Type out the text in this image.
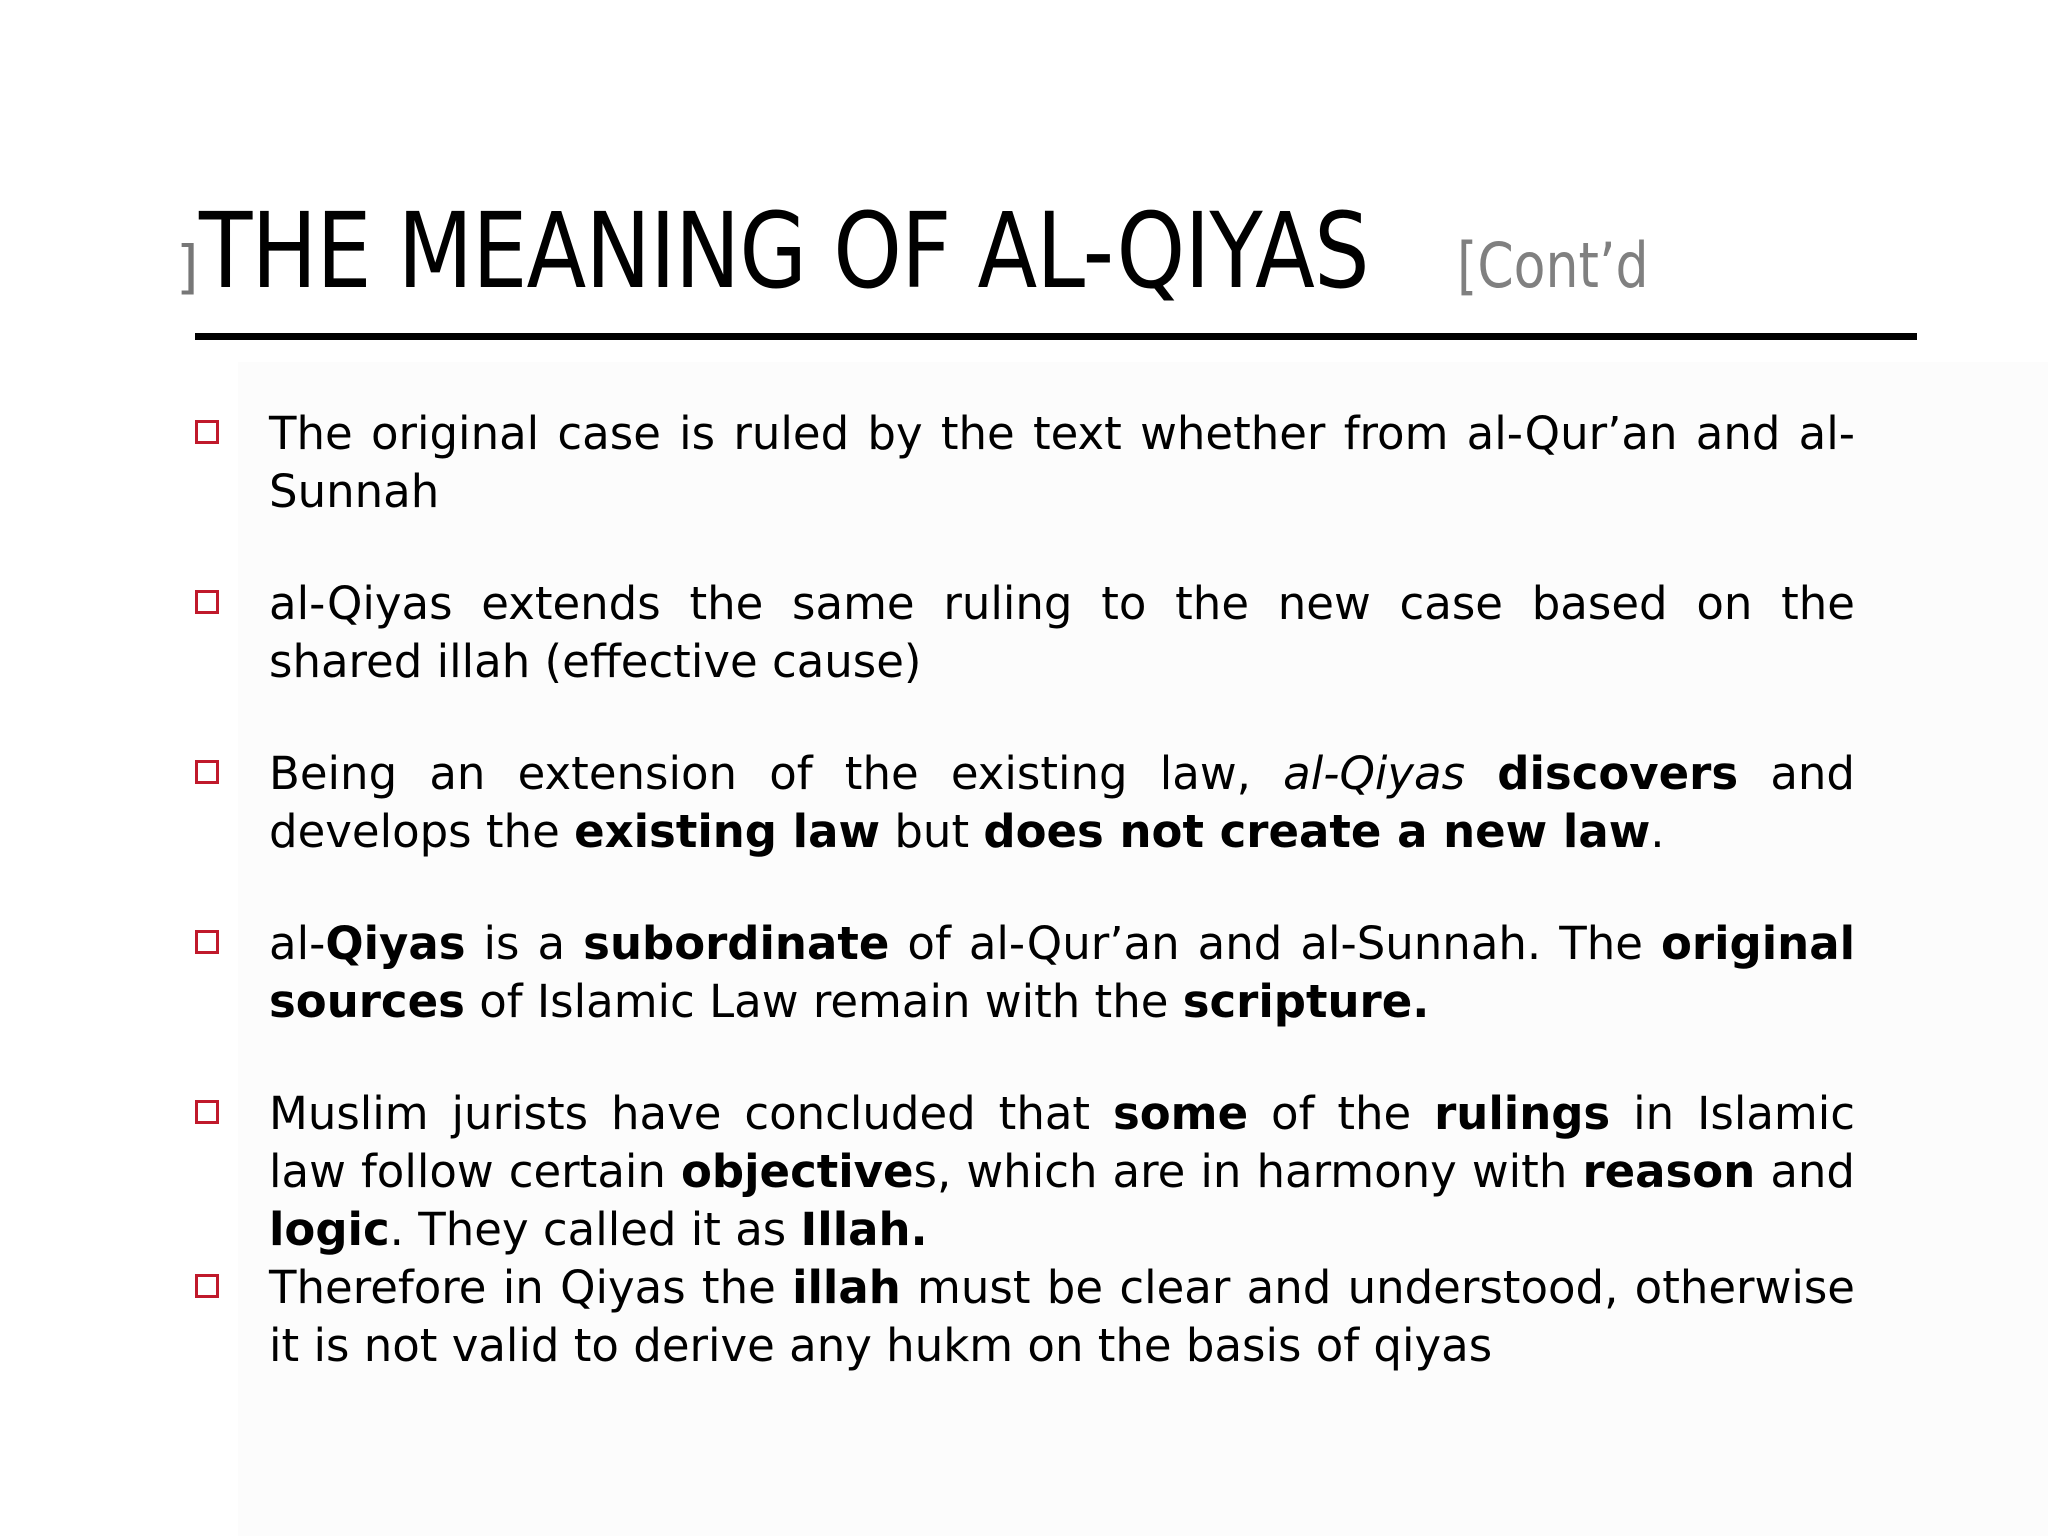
]THE MEANING OF AL-QIYAS [Cont’d
The original case is ruled by the text whether from al-Qur’an and al-Sunnah
al-Qiyas extends the same ruling to the new case based on the shared illah (effective cause)
Being an extension of the existing law, al-Qiyas discovers and develops the existing law but does not create a new law.
al-Qiyas is a subordinate of al-Qur’an and al-Sunnah. The original sources of Islamic Law remain with the scripture.
Muslim jurists have concluded that some of the rulings in Islamic law follow certain objectives, which are in harmony with reason and logic. They called it as Illah.
Therefore in Qiyas the illah must be clear and understood, otherwise it is not valid to derive any hukm on the basis of qiyas
